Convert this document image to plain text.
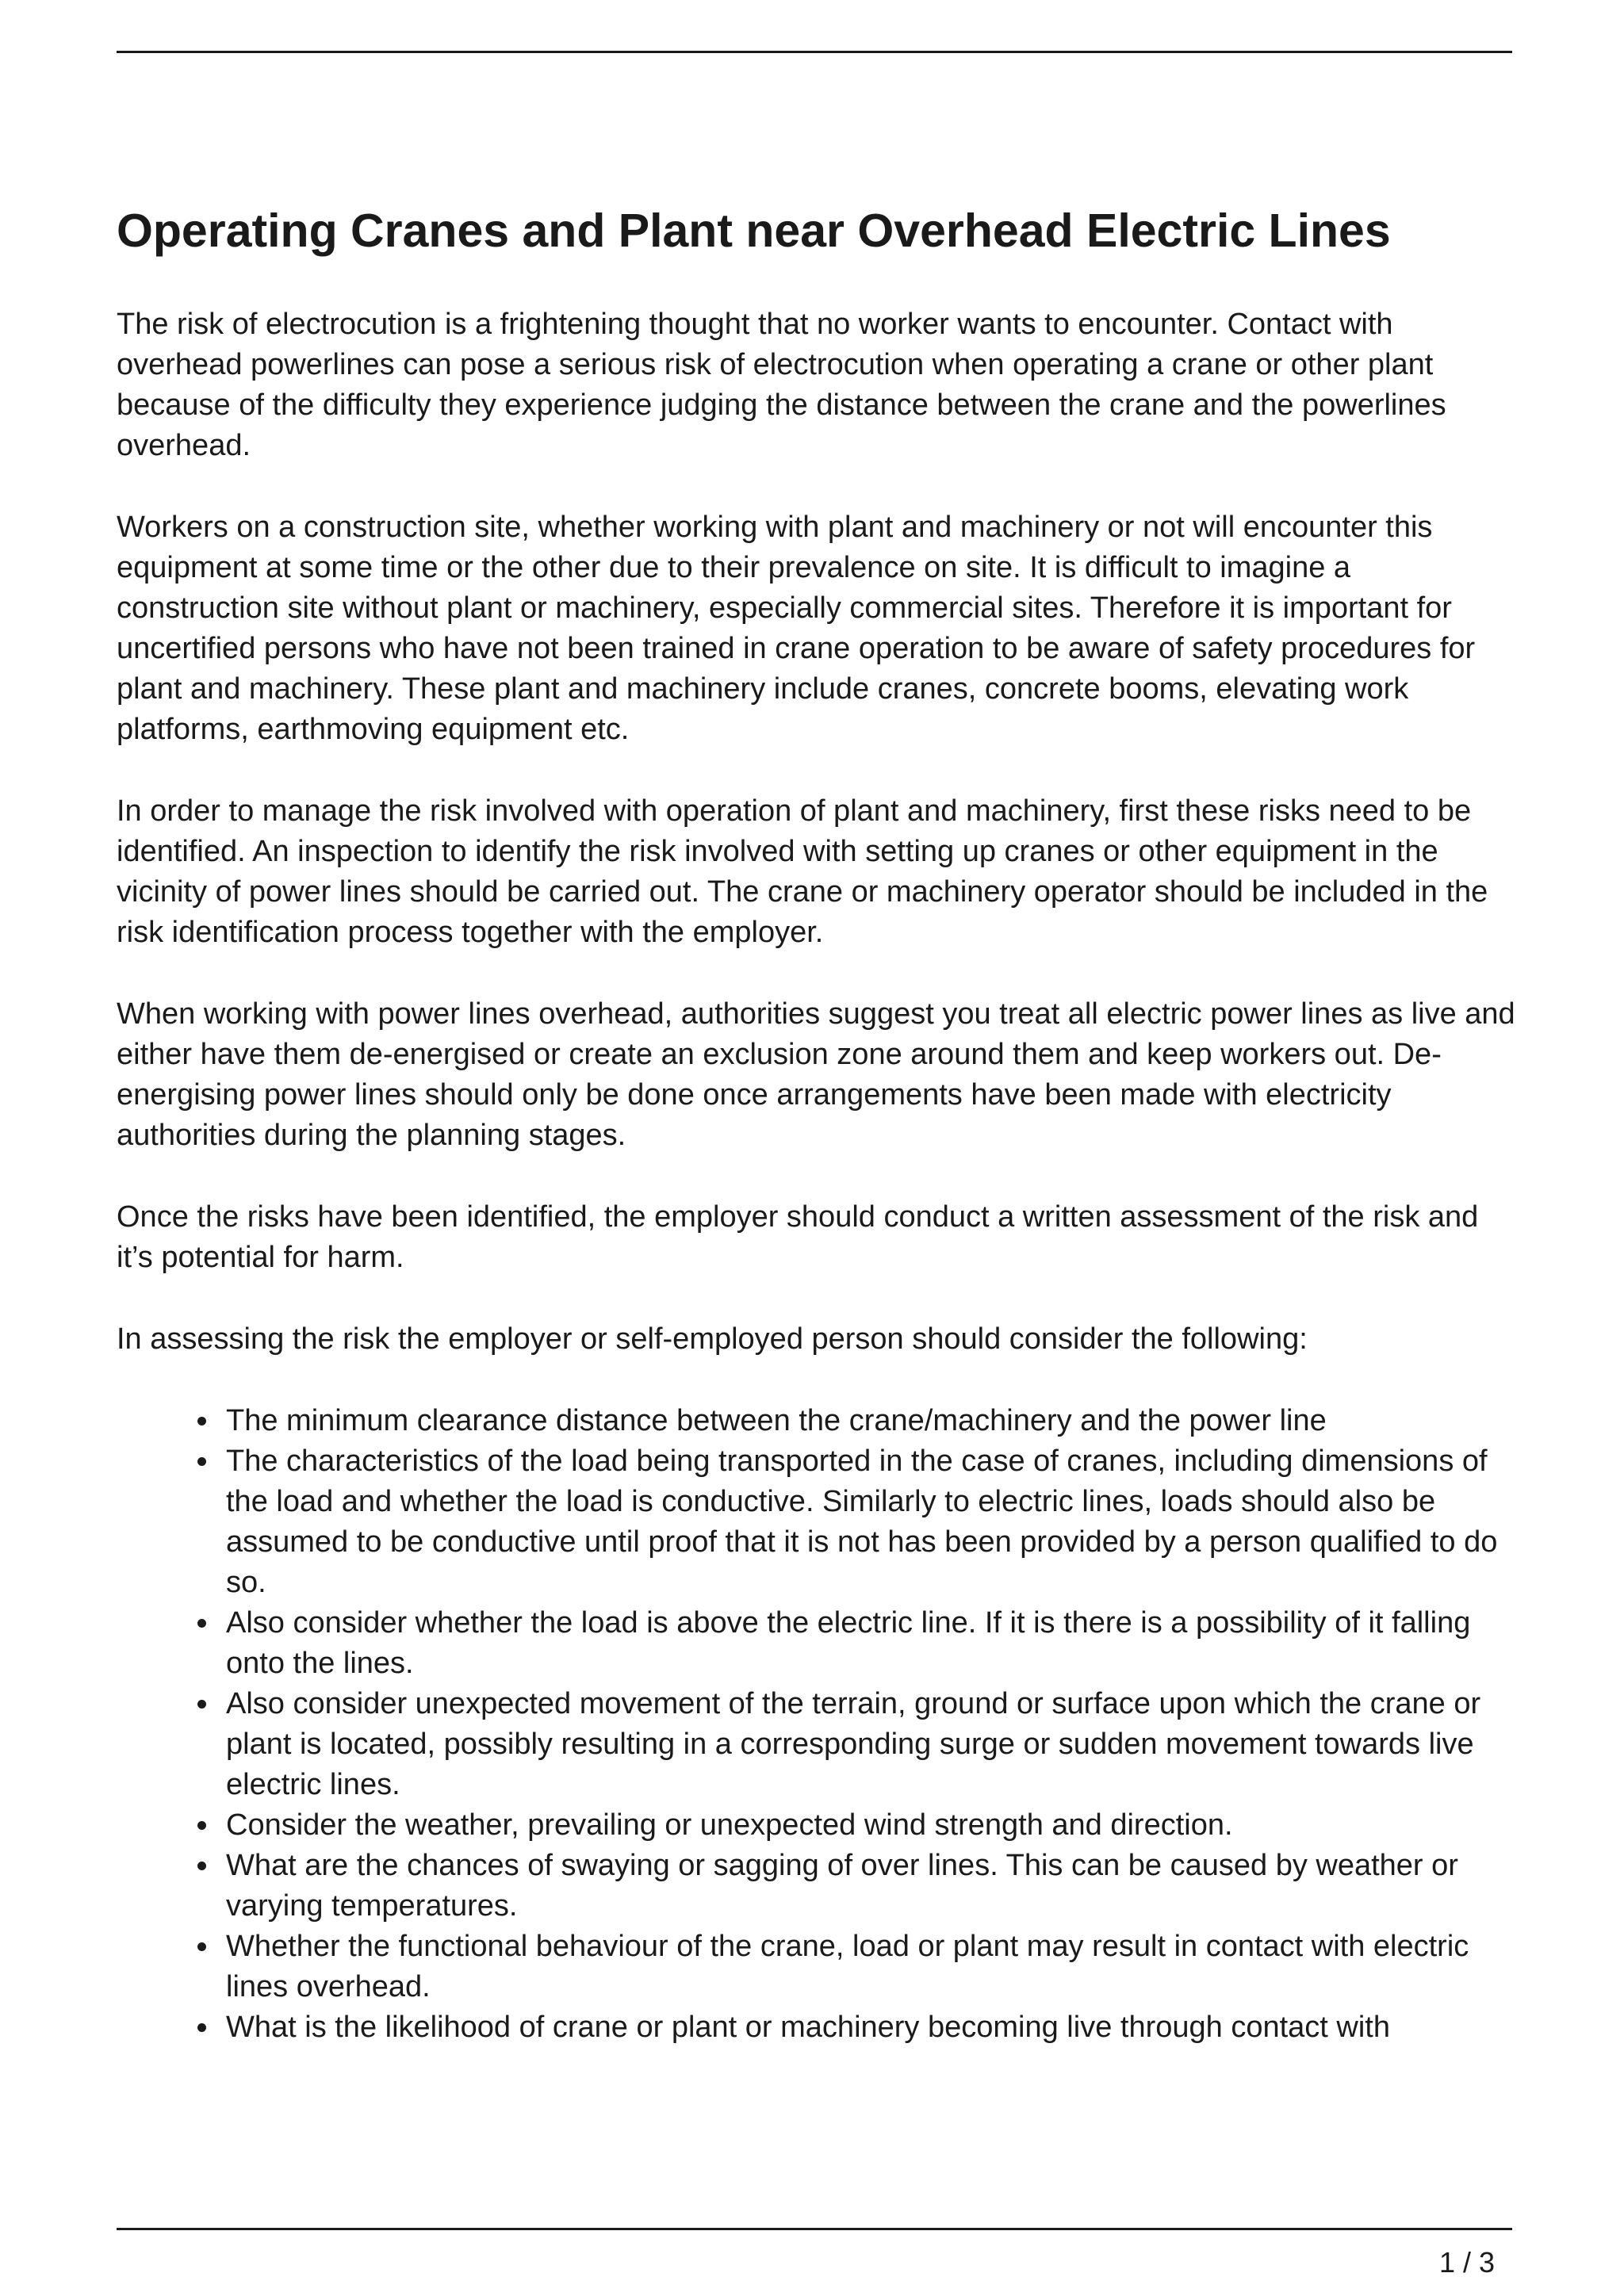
Operating Cranes and Plant near Overhead Electric Lines

The risk of electrocution is a frightening thought that no worker wants to encounter. Contact with overhead powerlines can pose a serious risk of electrocution when operating a crane or other plant because of the difficulty they experience judging the distance between the crane and the powerlines overhead.

Workers on a construction site, whether working with plant and machinery or not will encounter this equipment at some time or the other due to their prevalence on site. It is difficult to imagine a construction site without plant or machinery, especially commercial sites. Therefore it is important for uncertified persons who have not been trained in crane operation to be aware of safety procedures for plant and machinery. These plant and machinery include cranes, concrete booms, elevating work platforms, earthmoving equipment etc.

In order to manage the risk involved with operation of plant and machinery, first these risks need to be identified. An inspection to identify the risk involved with setting up cranes or other equipment in the vicinity of power lines should be carried out. The crane or machinery operator should be included in the risk identification process together with the employer.

When working with power lines overhead, authorities suggest you treat all electric power lines as live and either have them de-energised or create an exclusion zone around them and keep workers out. De-energising power lines should only be done once arrangements have been made with electricity authorities during the planning stages.

Once the risks have been identified, the employer should conduct a written assessment of the risk and it’s potential for harm.

In assessing the risk the employer or self-employed person should consider the following:

The minimum clearance distance between the crane/machinery and the power line
The characteristics of the load being transported in the case of cranes, including dimensions of the load and whether the load is conductive. Similarly to electric lines, loads should also be assumed to be conductive until proof that it is not has been provided by a person qualified to do so.
Also consider whether the load is above the electric line. If it is there is a possibility of it falling onto the lines.
Also consider unexpected movement of the terrain, ground or surface upon which the crane or plant is located, possibly resulting in a corresponding surge or sudden movement towards live electric lines.
Consider the weather, prevailing or unexpected wind strength and direction.
What are the chances of swaying or sagging of over lines. This can be caused by weather or varying temperatures.
Whether the functional behaviour of the crane, load or plant may result in contact with electric lines overhead.
What is the likelihood of crane or plant or machinery becoming live through contact with
1 / 3
